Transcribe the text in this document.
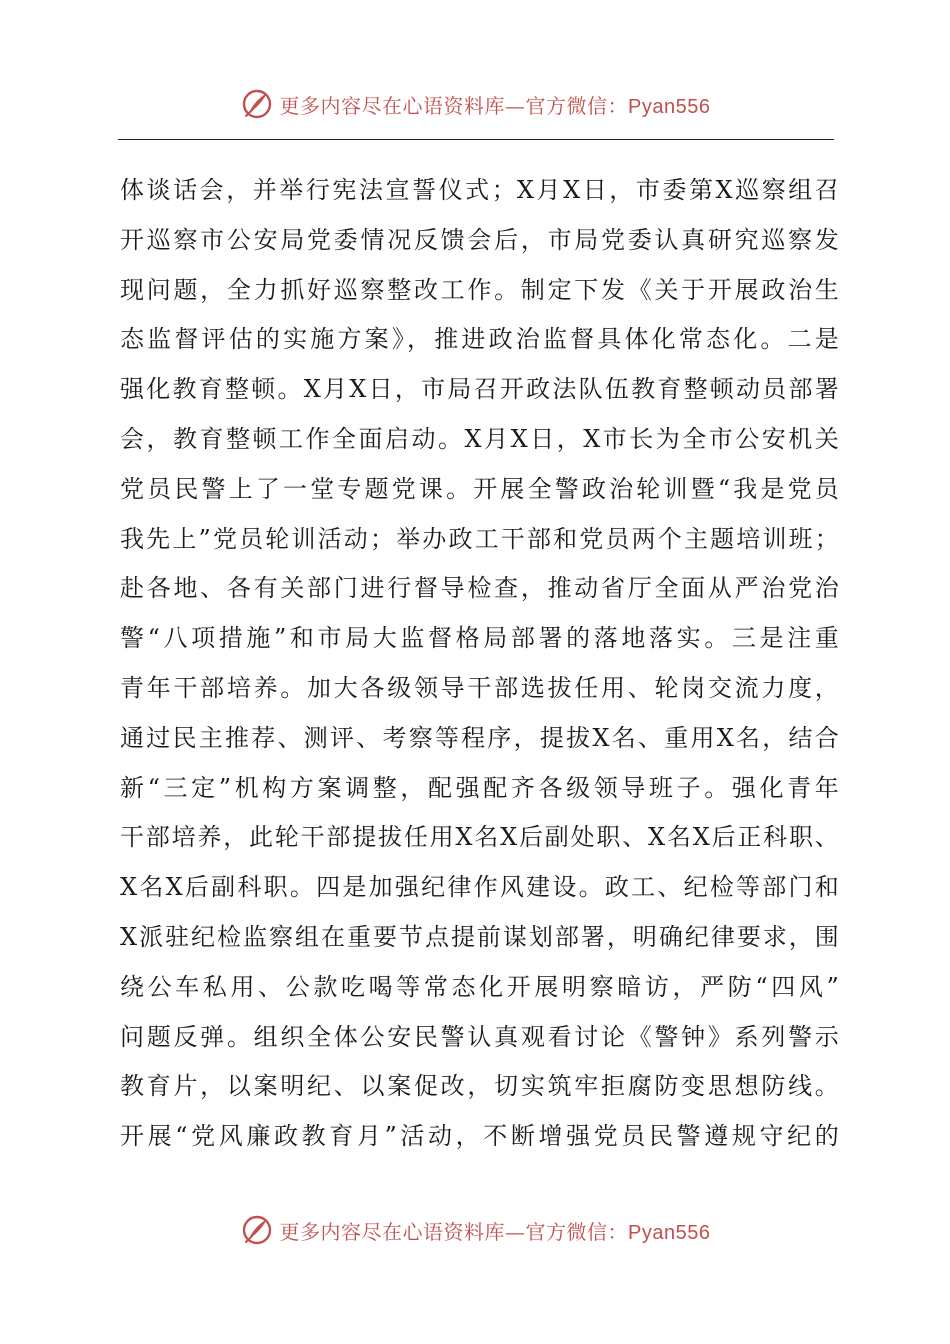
更多内容尽在心语资料库—官方微信：Pyan556
体谈话会，并举行宪法宣誓仪式；X月X日，市委第X巡察组召
开巡察市公安局党委情况反馈会后，市局党委认真研究巡察发
现问题，全力抓好巡察整改工作。制定下发《关于开展政治生
态监督评估的实施方案》，推进政治监督具体化常态化。二是
强化教育整顿。X月X日，市局召开政法队伍教育整顿动员部署
会，教育整顿工作全面启动。X月X日，X市长为全市公安机关
党员民警上了一堂专题党课。开展全警政治轮训暨“我是党员
我先上”党员轮训活动；举办政工干部和党员两个主题培训班；
赴各地、各有关部门进行督导检查，推动省厅全面从严治党治
警“八项措施”和市局大监督格局部署的落地落实。三是注重
青年干部培养。加大各级领导干部选拔任用、轮岗交流力度，
通过民主推荐、测评、考察等程序，提拔X名、重用X名，结合
新“三定”机构方案调整，配强配齐各级领导班子。强化青年
干部培养，此轮干部提拔任用X名X后副处职、X名X后正科职、
X名X后副科职。四是加强纪律作风建设。政工、纪检等部门和
X派驻纪检监察组在重要节点提前谋划部署，明确纪律要求，围
绕公车私用、公款吃喝等常态化开展明察暗访，严防“四风”
问题反弹。组织全体公安民警认真观看讨论《警钟》系列警示
教育片，以案明纪、以案促改，切实筑牢拒腐防变思想防线。
开展“党风廉政教育月”活动，不断增强党员民警遵规守纪的
更多内容尽在心语资料库—官方微信：Pyan556
